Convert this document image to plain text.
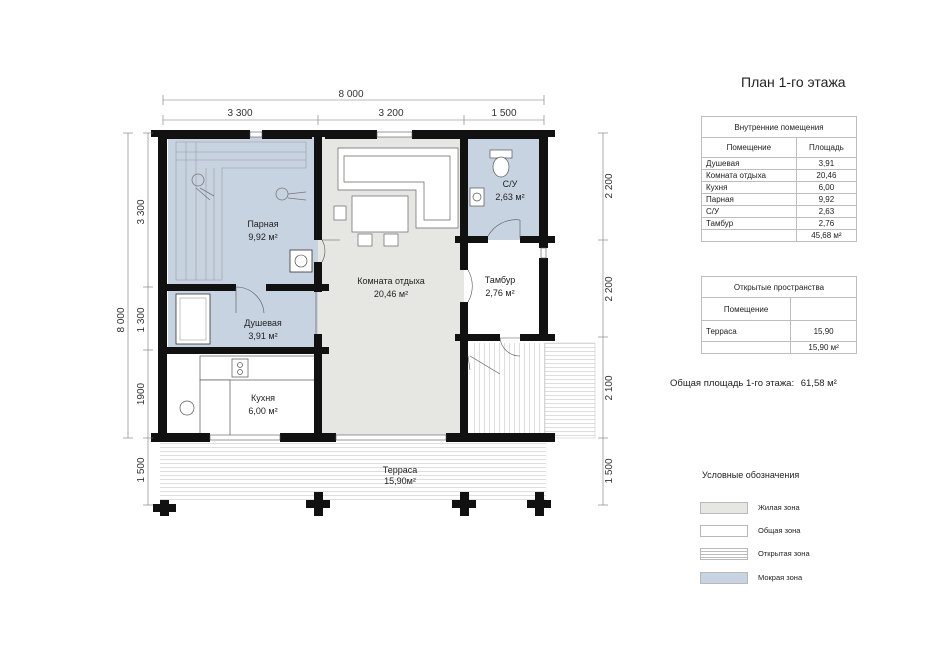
8 000
3 300	3 200	1 500
8 000
3 300
1 300
1900
1 500
2 200
2 200
2 100
1 500
Парная
9,92 м²
Душевая
3,91 м²
Кухня
6,00 м²
Комната отдыха
20,46 м²
С/У
2,63 м²
Тамбур
2,76 м²
Терраса
15,90м²
План 1-го этажа
Внутренние помещения	
Помещение	Площадь
Душевая	3,91
Комната отдыха	20,46
Кухня	6,00
Парная	9,92
С/У	2,63
Тамбур	2,76
	45,68 м²
Открытые пространства	
Помещение	
Терраса	15,90
	15,90 м²
Общая площадь 1-го этажа: 61,58 м²
Условные обозначения
Жилая зона
Общая зона
Открытая зона
Мокрая зона
